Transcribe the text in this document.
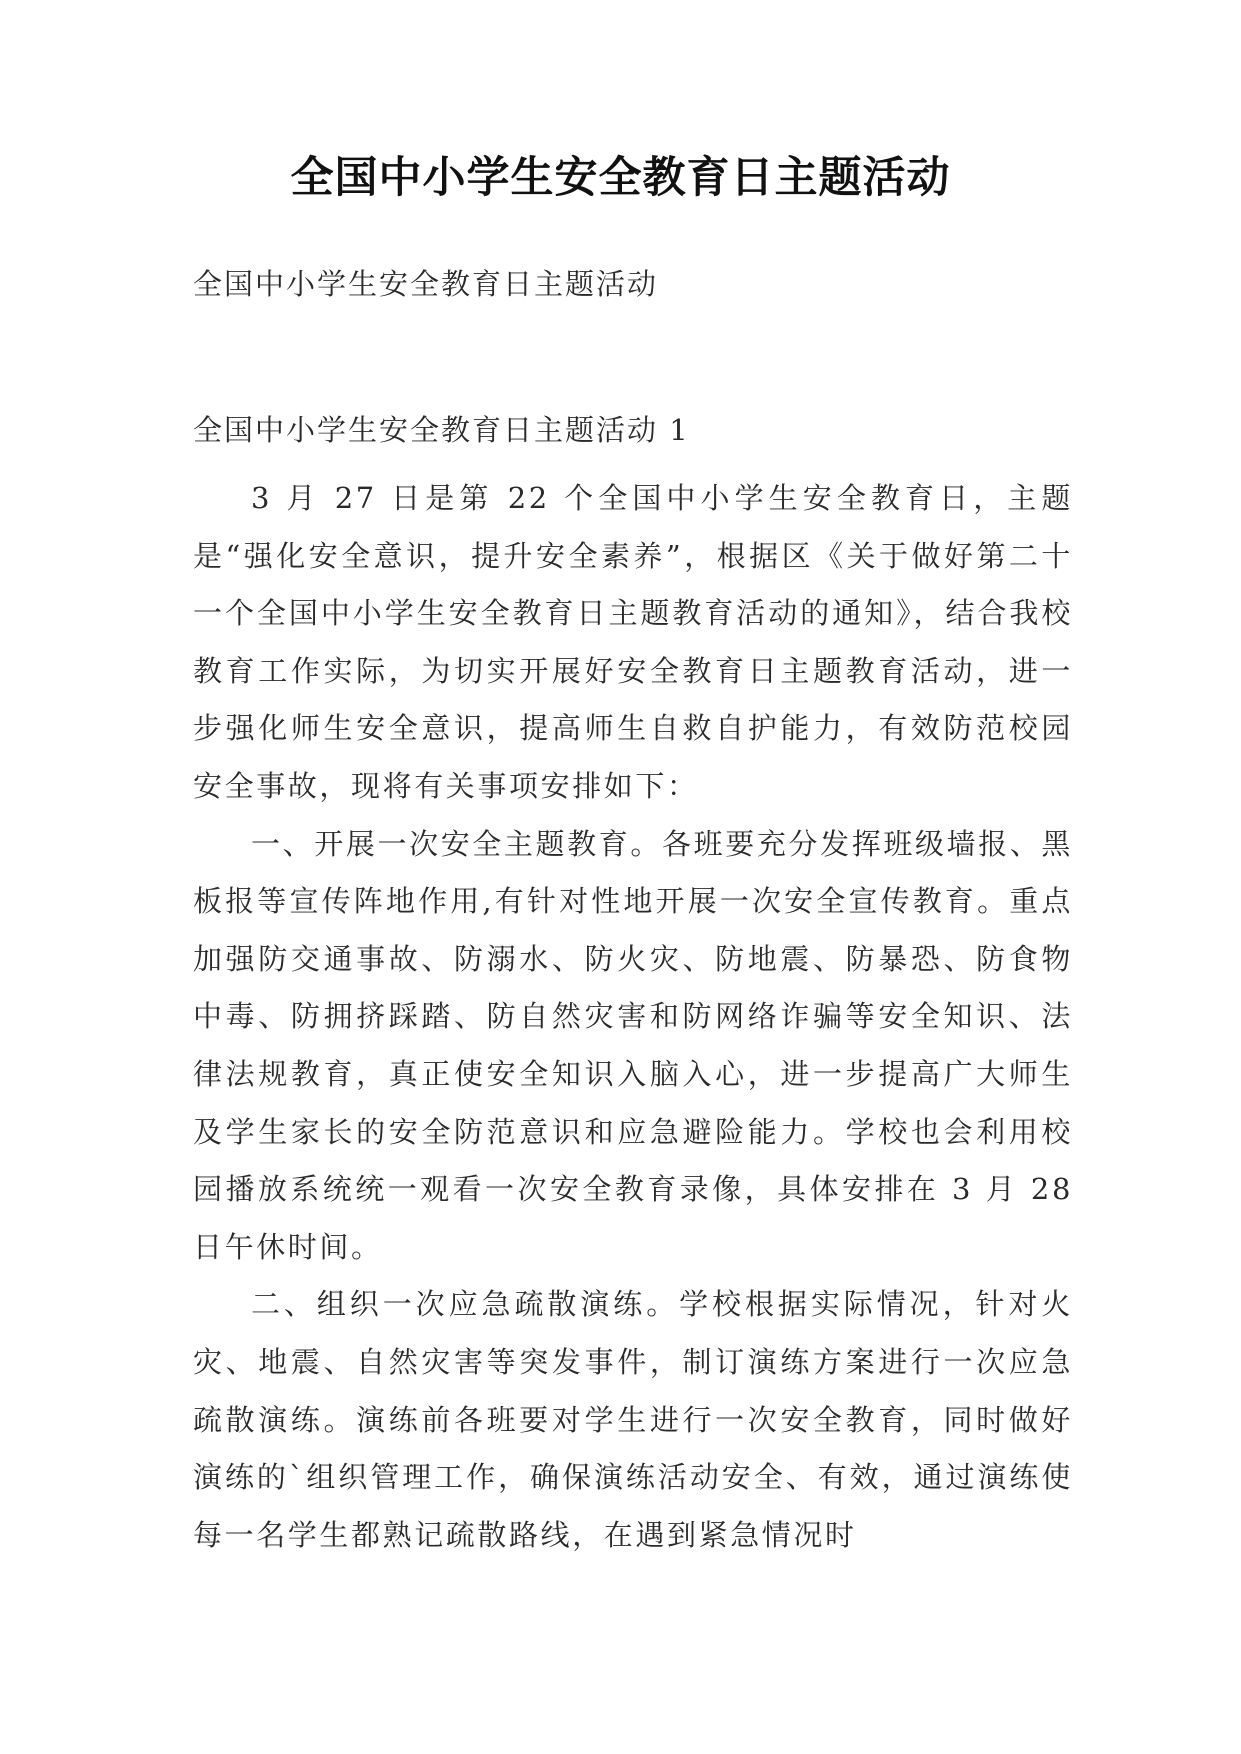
全国中小学生安全教育日主题活动
全国中小学生安全教育日主题活动
全国中小学生安全教育日主题活动 1

3 月 27 日是第 22 个全国中小学生安全教育日，主题是“强化安全意识，提升安全素养”，根据区《关于做好第二十一个全国中小学生安全教育日主题教育活动的通知》，结合我校教育工作实际，为切实开展好安全教育日主题教育活动，进一步强化师生安全意识，提高师生自救自护能力，有效防范校园安全事故，现将有关事项安排如下：

一、开展一次安全主题教育。各班要充分发挥班级墙报、黑板报等宣传阵地作用,有针对性地开展一次安全宣传教育。重点加强防交通事故、防溺水、防火灾、防地震、防暴恐、防食物中毒、防拥挤踩踏、防自然灾害和防网络诈骗等安全知识、法律法规教育，真正使安全知识入脑入心，进一步提高广大师生及学生家长的安全防范意识和应急避险能力。学校也会利用校园播放系统统一观看一次安全教育录像，具体安排在 3 月 28 日午休时间。

二、组织一次应急疏散演练。学校根据实际情况，针对火灾、地震、自然灾害等突发事件，制订演练方案进行一次应急疏散演练。演练前各班要对学生进行一次安全教育，同时做好演练的`组织管理工作，确保演练活动安全、有效，通过演练使每一名学生都熟记疏散路线，在遇到紧急情况时
